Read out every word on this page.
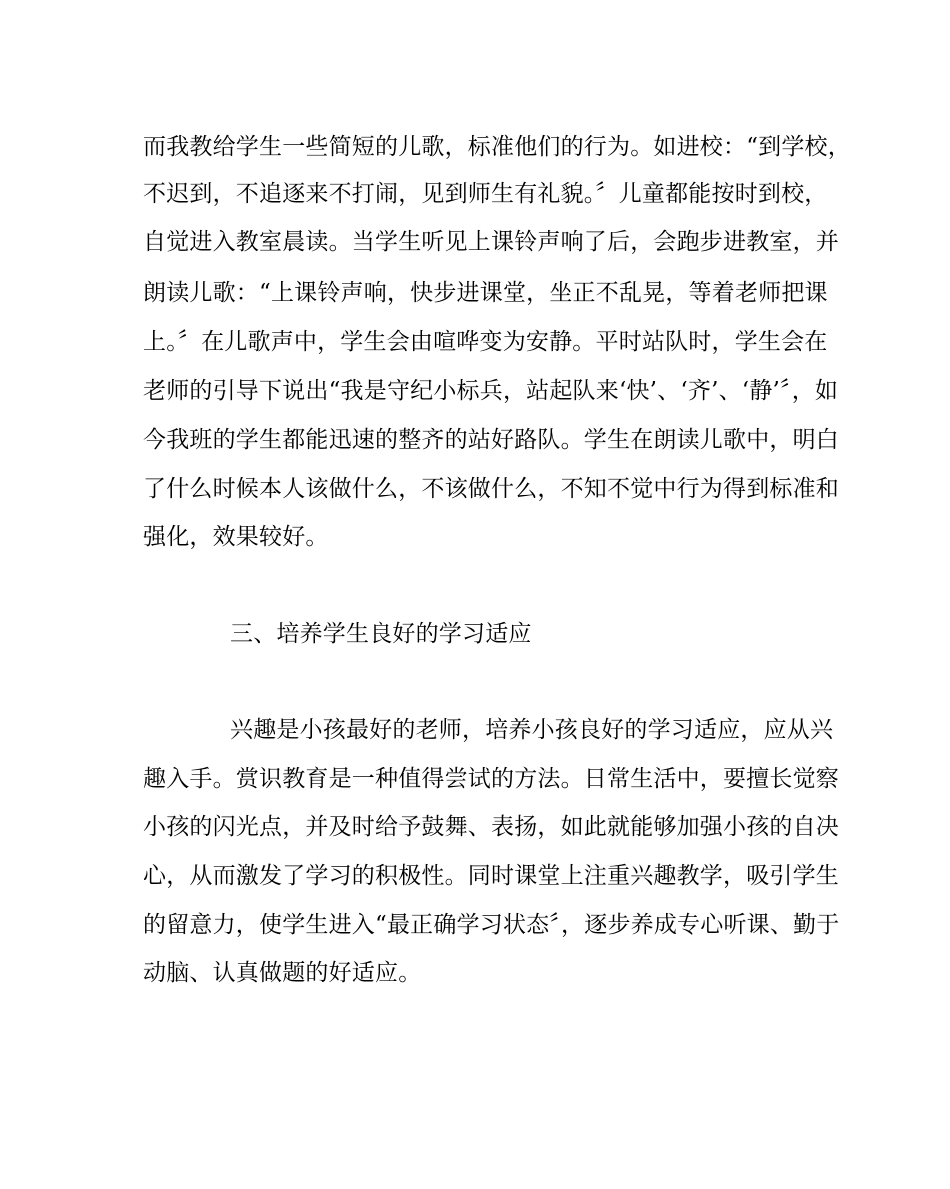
而我教给学生一些简短的儿歌，标准他们的行为。如进校：“到学校，
不迟到，不追逐来不打闹，见到师生有礼貌。〞儿童都能按时到校，
自觉进入教室晨读。当学生听见上课铃声响了后，会跑步进教室，并
朗读儿歌：“上课铃声响，快步进课堂，坐正不乱晃，等着老师把课
上。〞在儿歌声中，学生会由喧哗变为安静。平时站队时，学生会在
老师的引导下说出“我是守纪小标兵，站起队来‘快’、‘齐’、‘静’〞，如
今我班的学生都能迅速的整齐的站好路队。学生在朗读儿歌中，明白
了什么时候本人该做什么，不该做什么，不知不觉中行为得到标准和
强化，效果较好。
三、培养学生良好的学习适应
兴趣是小孩最好的老师，培养小孩良好的学习适应，应从兴
趣入手。赏识教育是一种值得尝试的方法。日常生活中，要擅长觉察
小孩的闪光点，并及时给予鼓舞、表扬，如此就能够加强小孩的自决
心，从而激发了学习的积极性。同时课堂上注重兴趣教学，吸引学生
的留意力，使学生进入“最正确学习状态〞，逐步养成专心听课、勤于
动脑、认真做题的好适应。
